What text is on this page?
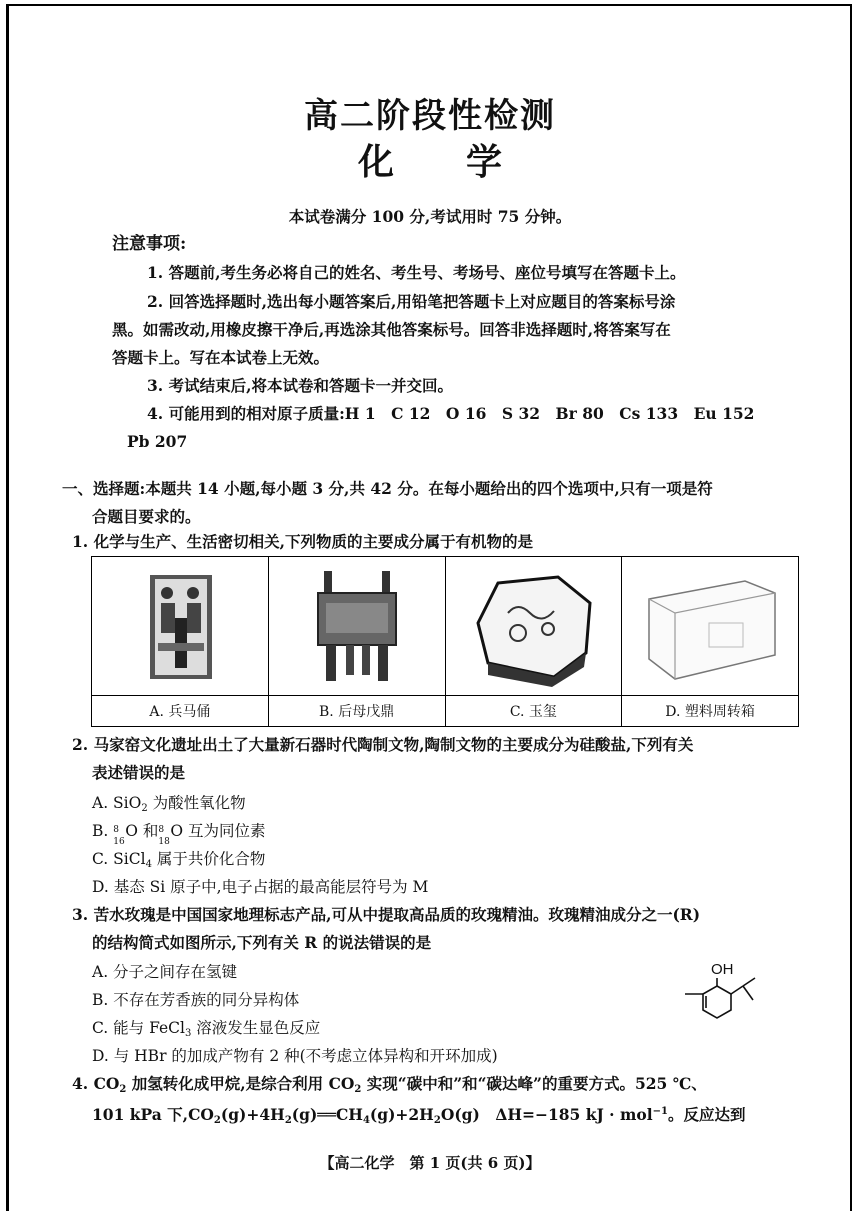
高二阶段性检测
化　　学
本试卷满分 100 分,考试用时 75 分钟。
注意事项:
1. 答题前,考生务必将自己的姓名、考生号、考场号、座位号填写在答题卡上。
2. 回答选择题时,选出每小题答案后,用铅笔把答题卡上对应题目的答案标号涂
黑。如需改动,用橡皮擦干净后,再选涂其他答案标号。回答非选择题时,将答案写在
答题卡上。写在本试卷上无效。
3. 考试结束后,将本试卷和答题卡一并交回。
4. 可能用到的相对原子质量:H 1　C 12　O 16　S 32　Br 80　Cs 133　Eu 152
Pb 207
一、选择题:本题共 14 小题,每小题 3 分,共 42 分。在每小题给出的四个选项中,只有一项是符
合题目要求的。
1. 化学与生产、生活密切相关,下列物质的主要成分属于有机物的是

A. 兵马俑	B. 后母戊鼎	C. 玉玺	D. 塑料周转箱
2. 马家窑文化遗址出土了大量新石器时代陶制文物,陶制文物的主要成分为硅酸盐,下列有关
表述错误的是
A. SiO$_2$ 为酸性氧化物
B. 8
16
O 和 8
18
O 互为同位素
C. SiCl$_4$ 属于共价化合物
D. 基态 Si 原子中,电子占据的最高能层符号为 M
3. 苦水玫瑰是中国国家地理标志产品,可从中提取高品质的玫瑰精油。玫瑰精油成分之一(R)
的结构简式如图所示,下列有关 R 的说法错误的是
A. 分子之间存在氢键
B. 不存在芳香族的同分异构体
C. 能与 FeCl$_3$ 溶液发生显色反应
D. 与 HBr 的加成产物有 2 种(不考虑立体异构和开环加成)
OH
4. $CO_2$ 加氢转化成甲烷,是综合利用 $CO_2$ 实现“碳中和”和“碳达峰”的重要方式。525 ℃、
101 kPa 下$,CO_2(g)+4H_2(g)══CH_4(g)+2H_2O(g)$　ΔH=−185 kJ · mol$^{-1}$。反应达到
【高二化学　第 1 页(共 6 页)】
